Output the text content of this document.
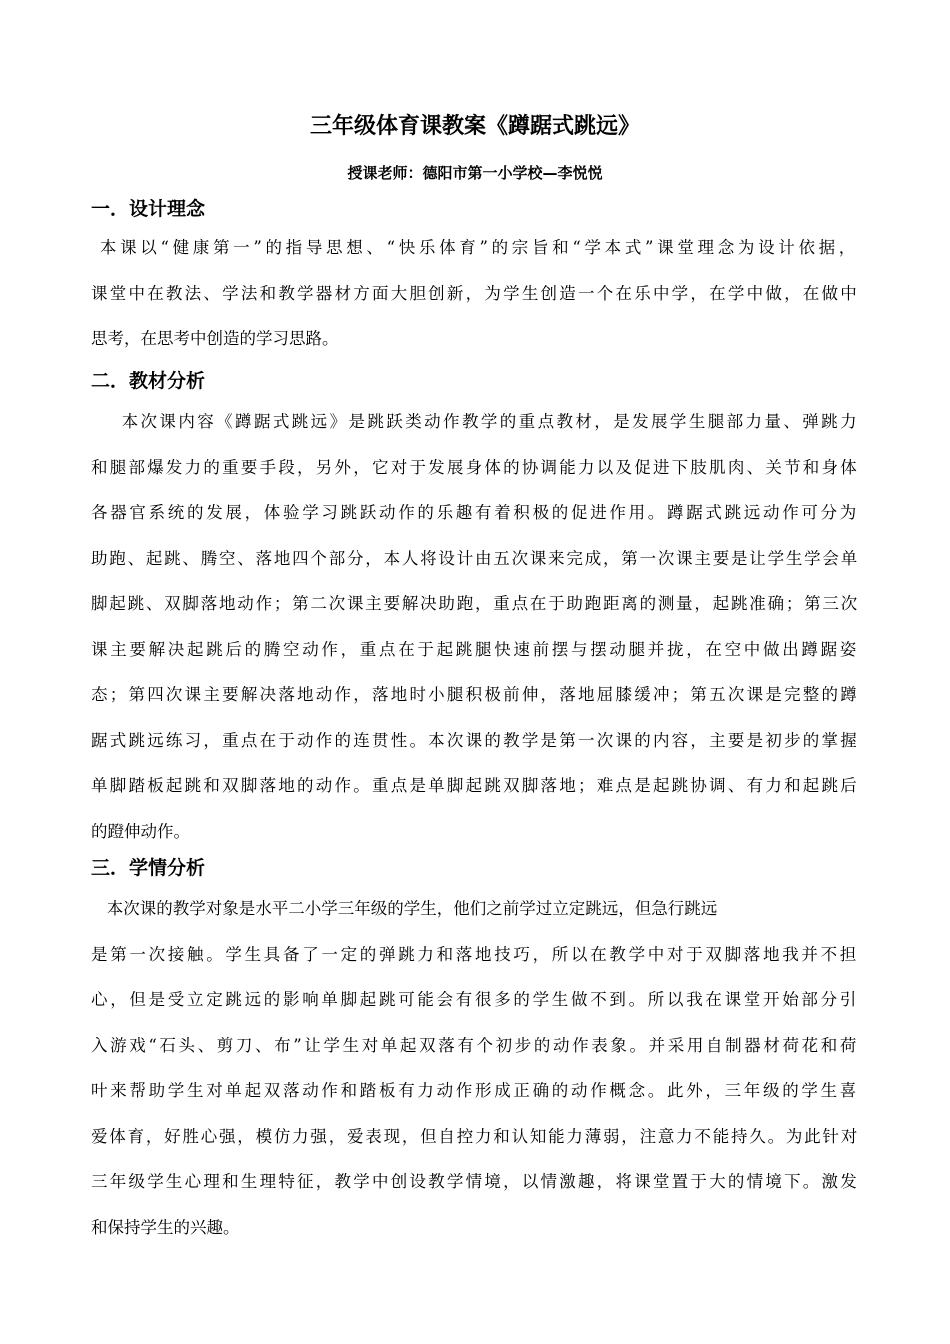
三年级体育课教案《蹲踞式跳远》
授课老师：德阳市第一小学校—李悦悦
一．设计理念
本课以“健康第一”的指导思想、“快乐体育”的宗旨和“学本式”课堂理念为设计依据，
课堂中在教法、学法和教学器材方面大胆创新，为学生创造一个在乐中学，在学中做，在做中
思考，在思考中创造的学习思路。
二．教材分析
本次课内容《蹲踞式跳远》是跳跃类动作教学的重点教材，是发展学生腿部力量、弹跳力
和腿部爆发力的重要手段，另外，它对于发展身体的协调能力以及促进下肢肌肉、关节和身体
各器官系统的发展，体验学习跳跃动作的乐趣有着积极的促进作用。蹲踞式跳远动作可分为
助跑、起跳、腾空、落地四个部分，本人将设计由五次课来完成，第一次课主要是让学生学会单
脚起跳、双脚落地动作；第二次课主要解决助跑，重点在于助跑距离的测量，起跳准确；第三次
课主要解决起跳后的腾空动作，重点在于起跳腿快速前摆与摆动腿并拢，在空中做出蹲踞姿
态；第四次课主要解决落地动作，落地时小腿积极前伸，落地屈膝缓冲；第五次课是完整的蹲
踞式跳远练习，重点在于动作的连贯性。本次课的教学是第一次课的内容，主要是初步的掌握
单脚踏板起跳和双脚落地的动作。重点是单脚起跳双脚落地；难点是起跳协调、有力和起跳后
的蹬伸动作。
三．学情分析
本次课的教学对象是水平二小学三年级的学生，他们之前学过立定跳远，但急行跳远
是第一次接触。学生具备了一定的弹跳力和落地技巧，所以在教学中对于双脚落地我并不担
心，但是受立定跳远的影响单脚起跳可能会有很多的学生做不到。所以我在课堂开始部分引
入游戏“石头、剪刀、布”让学生对单起双落有个初步的动作表象。并采用自制器材荷花和荷
叶来帮助学生对单起双落动作和踏板有力动作形成正确的动作概念。此外，三年级的学生喜
爱体育，好胜心强，模仿力强，爱表现，但自控力和认知能力薄弱，注意力不能持久。为此针对
三年级学生心理和生理特征，教学中创设教学情境，以情激趣，将课堂置于大的情境下。激发
和保持学生的兴趣。
